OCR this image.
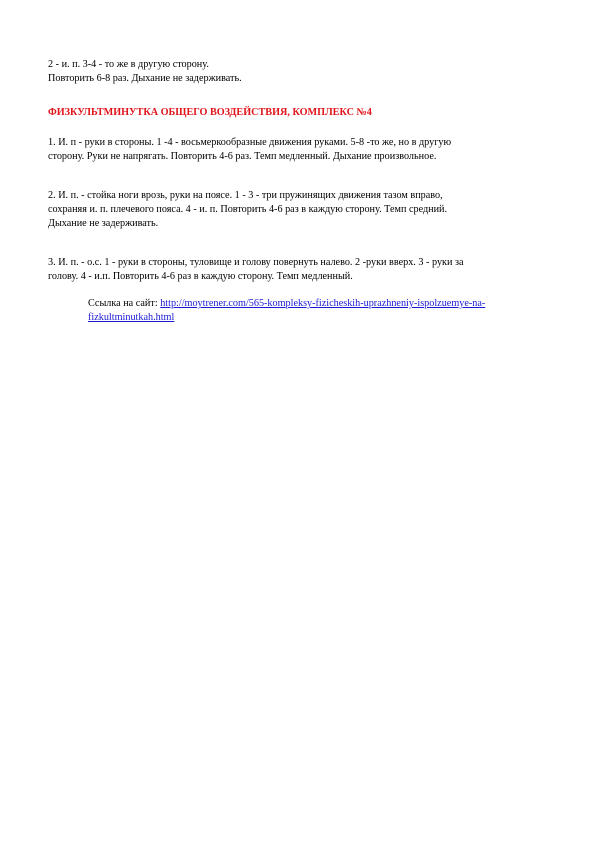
2 - и. п. 3-4 - то же в другую сторону.
Повторить 6-8 раз. Дыхание не задерживать.
ФИЗКУЛЬТМИНУТКА ОБЩЕГО ВОЗДЕЙСТВИЯ, КОМПЛЕКС №4
1. И. п - руки в стороны. 1 -4 - восьмеркообразные движения руками. 5-8 -то же, но в другую
сторону. Руки не напрягать. Повторить 4-6 раз. Темп медленный. Дыхание произвольное.
2. И. п. - стойка ноги врозь, руки на поясе. 1 - 3 - три пружинящих движения тазом вправо,
сохраняя и. п. плечевого пояса. 4 - и. п. Повторить 4-6 раз в каждую сторону. Темп средний.
Дыхание не задерживать.
3. И. п. - о.с. 1 - руки в стороны, туловище и голову повернуть налево. 2 -руки вверх. 3 - руки за
голову. 4 - и.п. Повторить 4-6 раз в каждую сторону. Темп медленный.
Ссылка на сайт: http://moytrener.com/565-kompleksy-fizicheskih-uprazhneniy-ispolzuemye-na-
fizkultminutkah.html
